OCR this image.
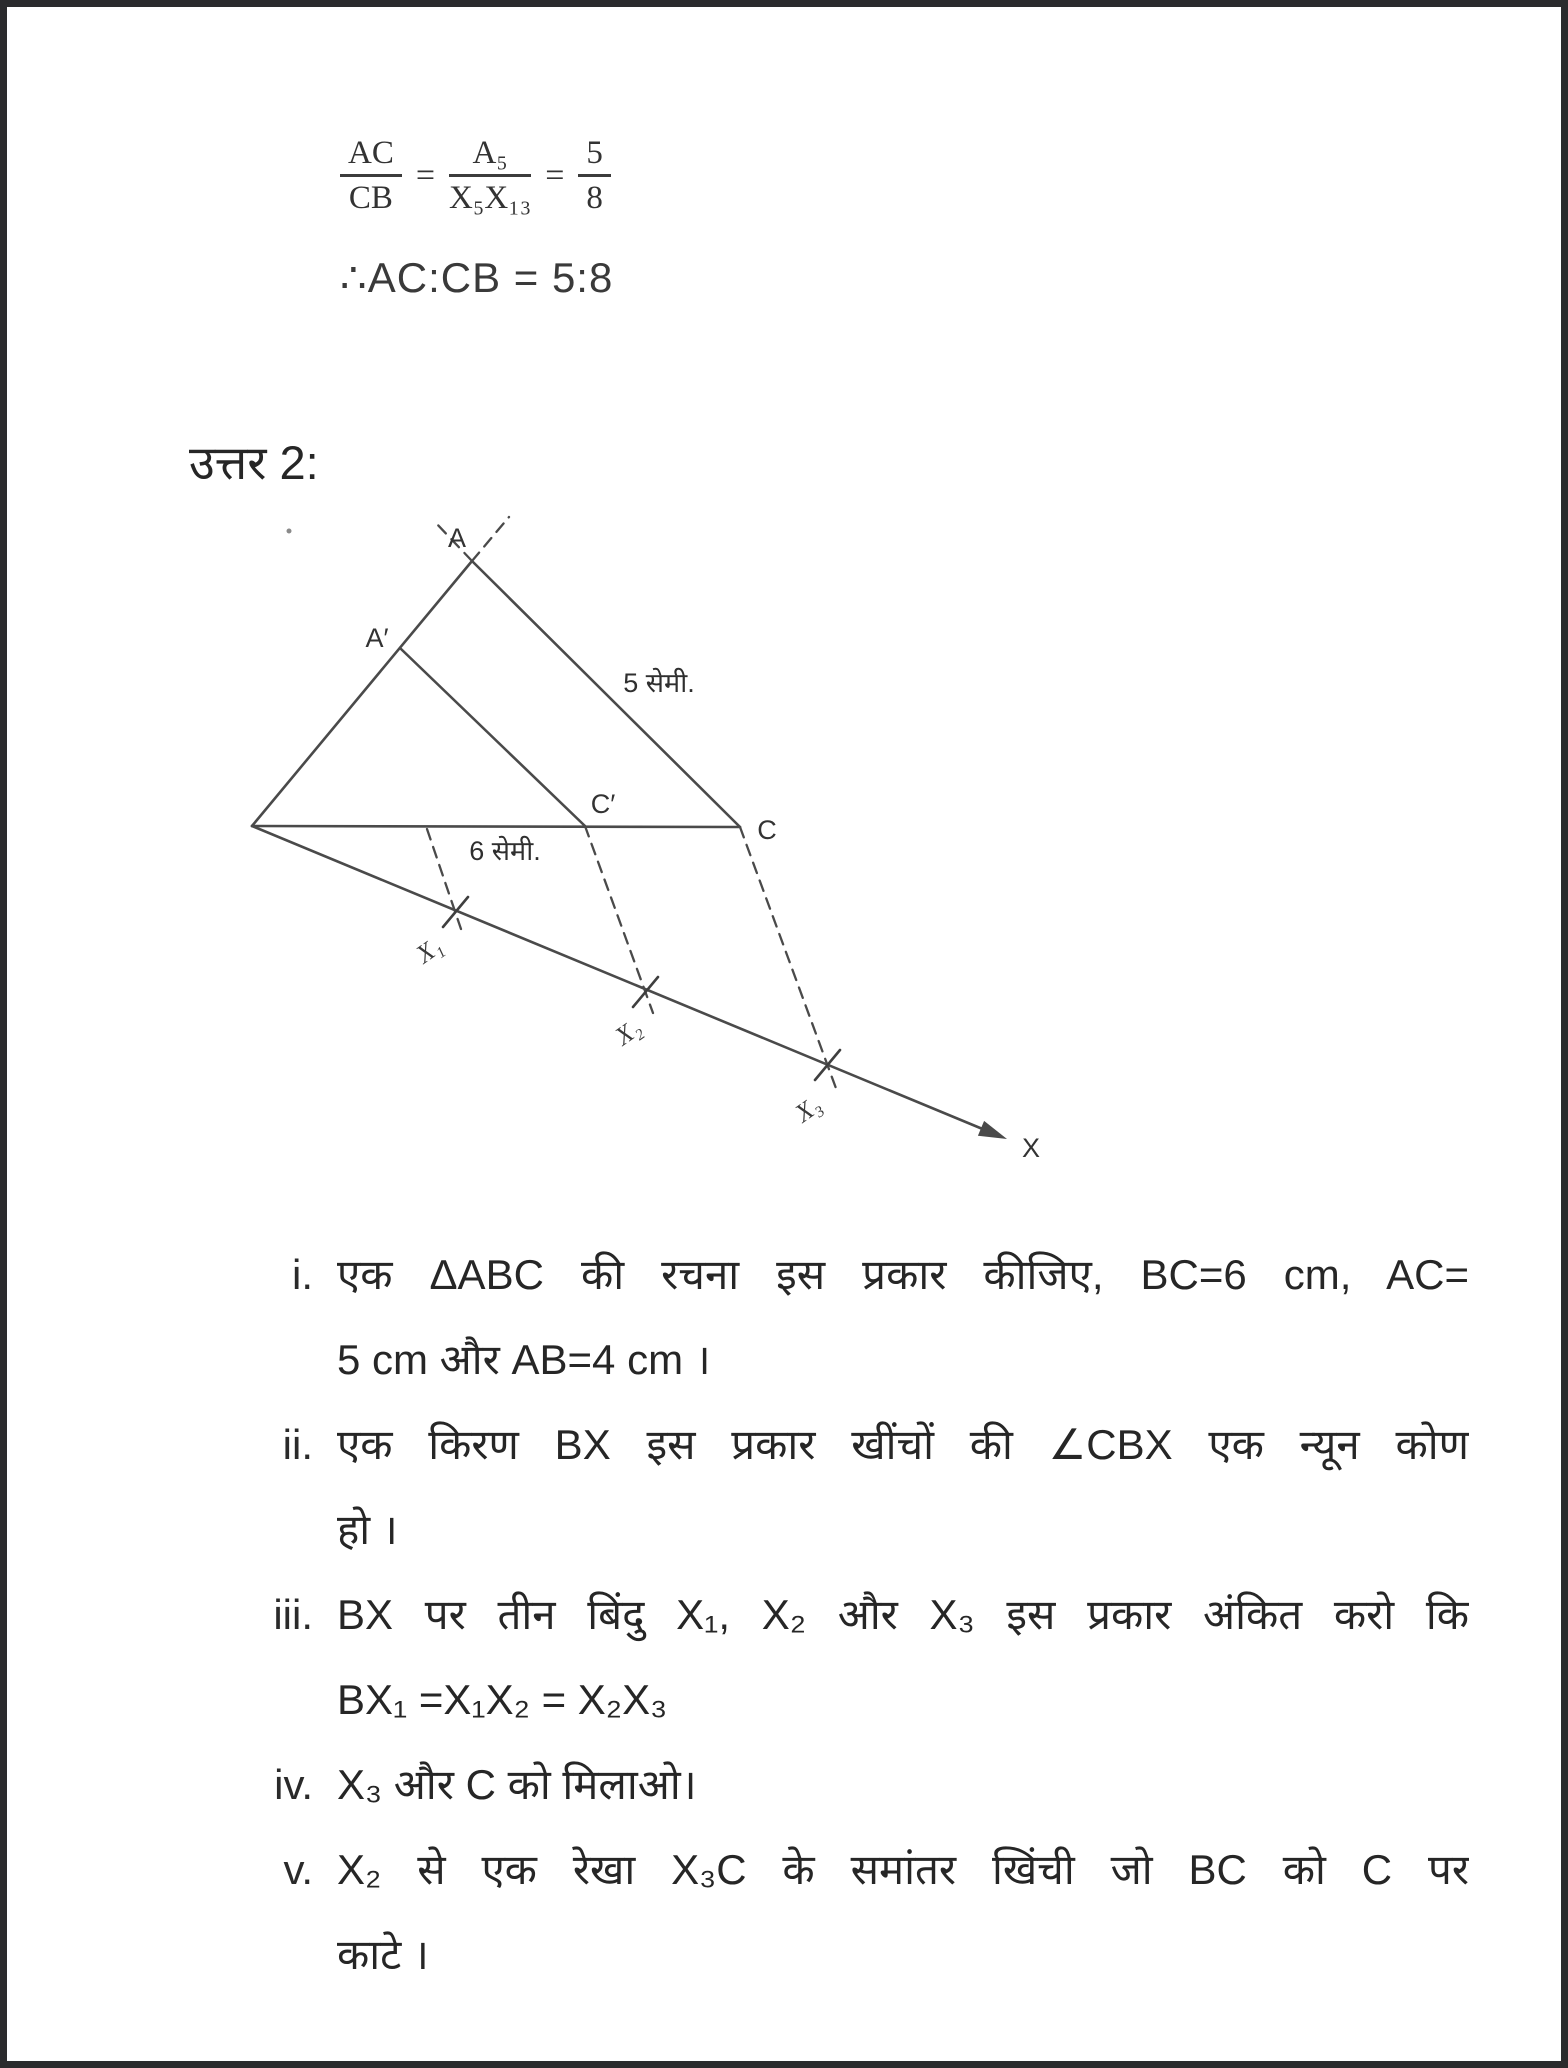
$\frac{AC}{CB} = \frac{\text{A₅}}{\text{X₅X₁₃}} = \frac{5}{8}$
∴AC:CB = 5:8
उत्तर 2:
A
A′
C′
C
X
5 सेमी.
6 सेमी.
X₁
X₂
X₃
i. एक ΔABC की रचना इस प्रकार कीजिए, BC=6 cm, AC=
5 cm और AB=4 cm ।
ii. एक किरण BX इस प्रकार खींचों की ∠CBX एक न्यून कोण
हो ।
iii. BX पर तीन बिंदु X₁, X₂ और X₃ इस प्रकार अंकित करो कि
BX₁ =X₁X₂ = X₂X₃
iv. X₃ और C को मिलाओ।
v. X₂ से एक रेखा X₃C के समांतर खिंची जो BC को C पर
काटे ।
